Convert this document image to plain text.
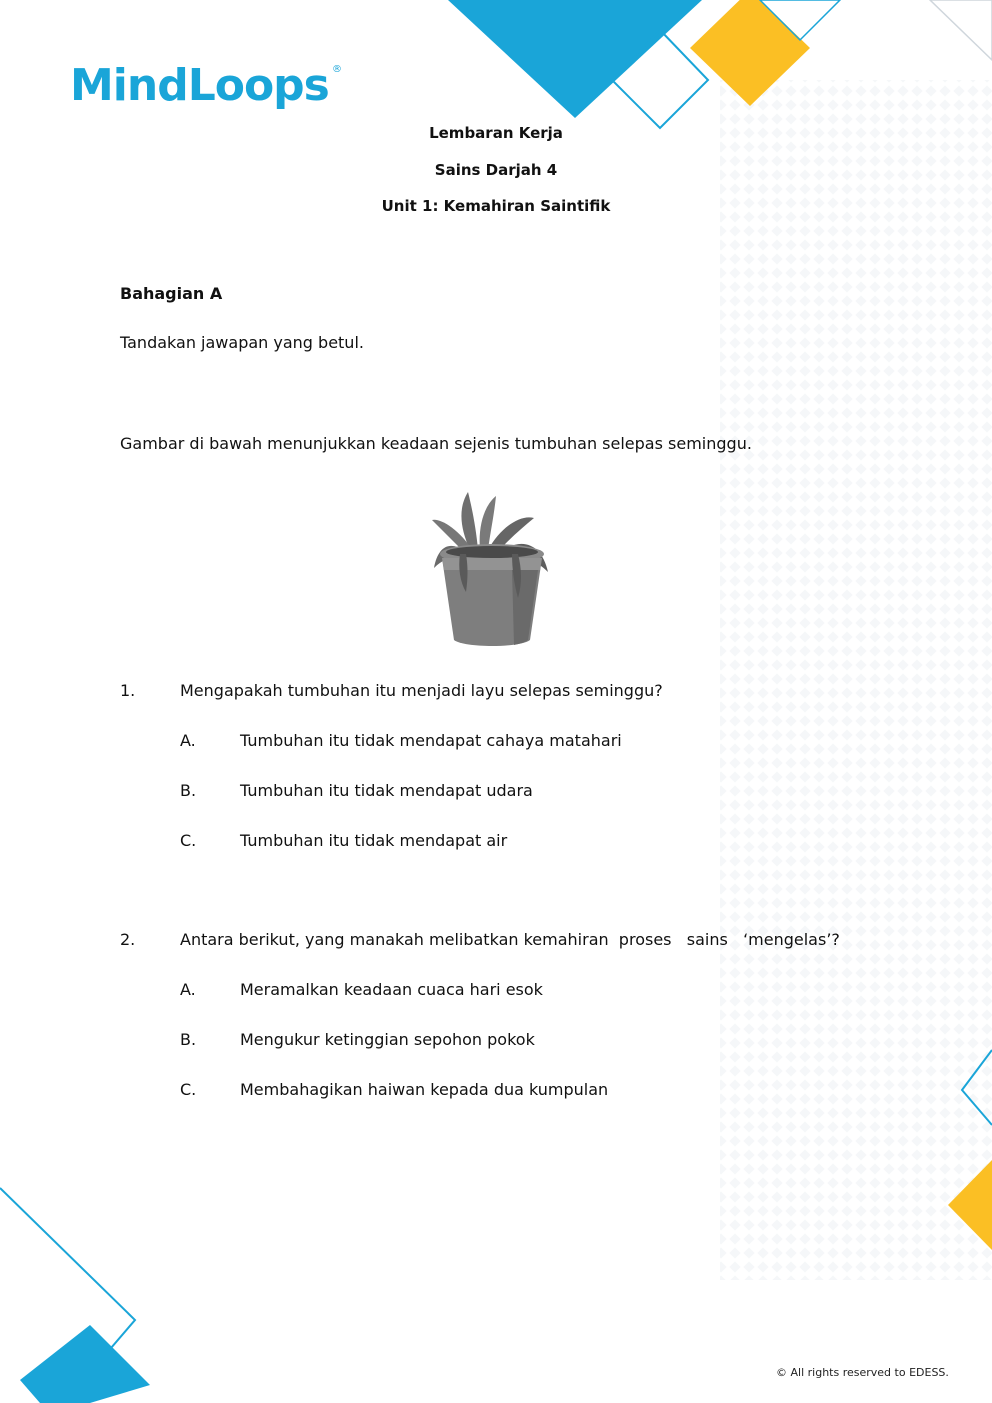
MindLoops ®
Lembaran Kerja
Sains Darjah 4
Unit 1: Kemahiran Saintifik
Bahagian A
Tandakan jawapan yang betul.
Gambar di bawah menunjukkan keadaan sejenis tumbuhan selepas seminggu.
1.	Mengapakah tumbuhan itu menjadi layu selepas seminggu?
A.	Tumbuhan itu tidak mendapat cahaya matahari
B.	Tumbuhan itu tidak mendapat udara
C.	Tumbuhan itu tidak mendapat air
2.	Antara berikut, yang manakah melibatkan kemahiran  proses   sains   ‘mengelas’?
A.	Meramalkan keadaan cuaca hari esok
B.	Mengukur ketinggian sepohon pokok
C.	Membahagikan haiwan kepada dua kumpulan
© All rights reserved to EDESS.
